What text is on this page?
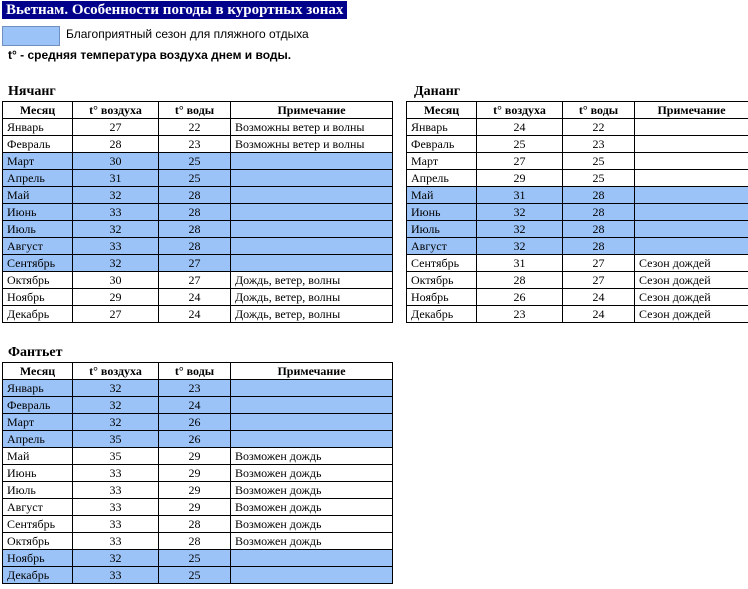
Вьетнам. Особенности погоды в курортных зонах
Благоприятный сезон для пляжного отдыха
t° - средняя температура воздуха днем и воды.
Нячанг
Месяц	t° воздуха	t° воды	Примечание
Январь	27	22	Возможны ветер и волны
Февраль	28	23	Возможны ветер и волны
Март	30	25	
Апрель	31	25	
Май	32	28	
Июнь	33	28	
Июль	32	28	
Август	33	28	
Сентябрь	32	27	
Октябрь	30	27	Дождь, ветер, волны
Ноябрь	29	24	Дождь, ветер, волны
Декабрь	27	24	Дождь, ветер, волны
Дананг
Месяц	t° воздуха	t° воды	Примечание
Январь	24	22	
Февраль	25	23	
Март	27	25	
Апрель	29	25	
Май	31	28	
Июнь	32	28	
Июль	32	28	
Август	32	28	
Сентябрь	31	27	Сезон дождей
Октябрь	28	27	Сезон дождей
Ноябрь	26	24	Сезон дождей
Декабрь	23	24	Сезон дождей
Фантьет
Месяц	t° воздуха	t° воды	Примечание
Январь	32	23	
Февраль	32	24	
Март	32	26	
Апрель	35	26	
Май	35	29	Возможен дождь
Июнь	33	29	Возможен дождь
Июль	33	29	Возможен дождь
Август	33	29	Возможен дождь
Сентябрь	33	28	Возможен дождь
Октябрь	33	28	Возможен дождь
Ноябрь	32	25	
Декабрь	33	25	
